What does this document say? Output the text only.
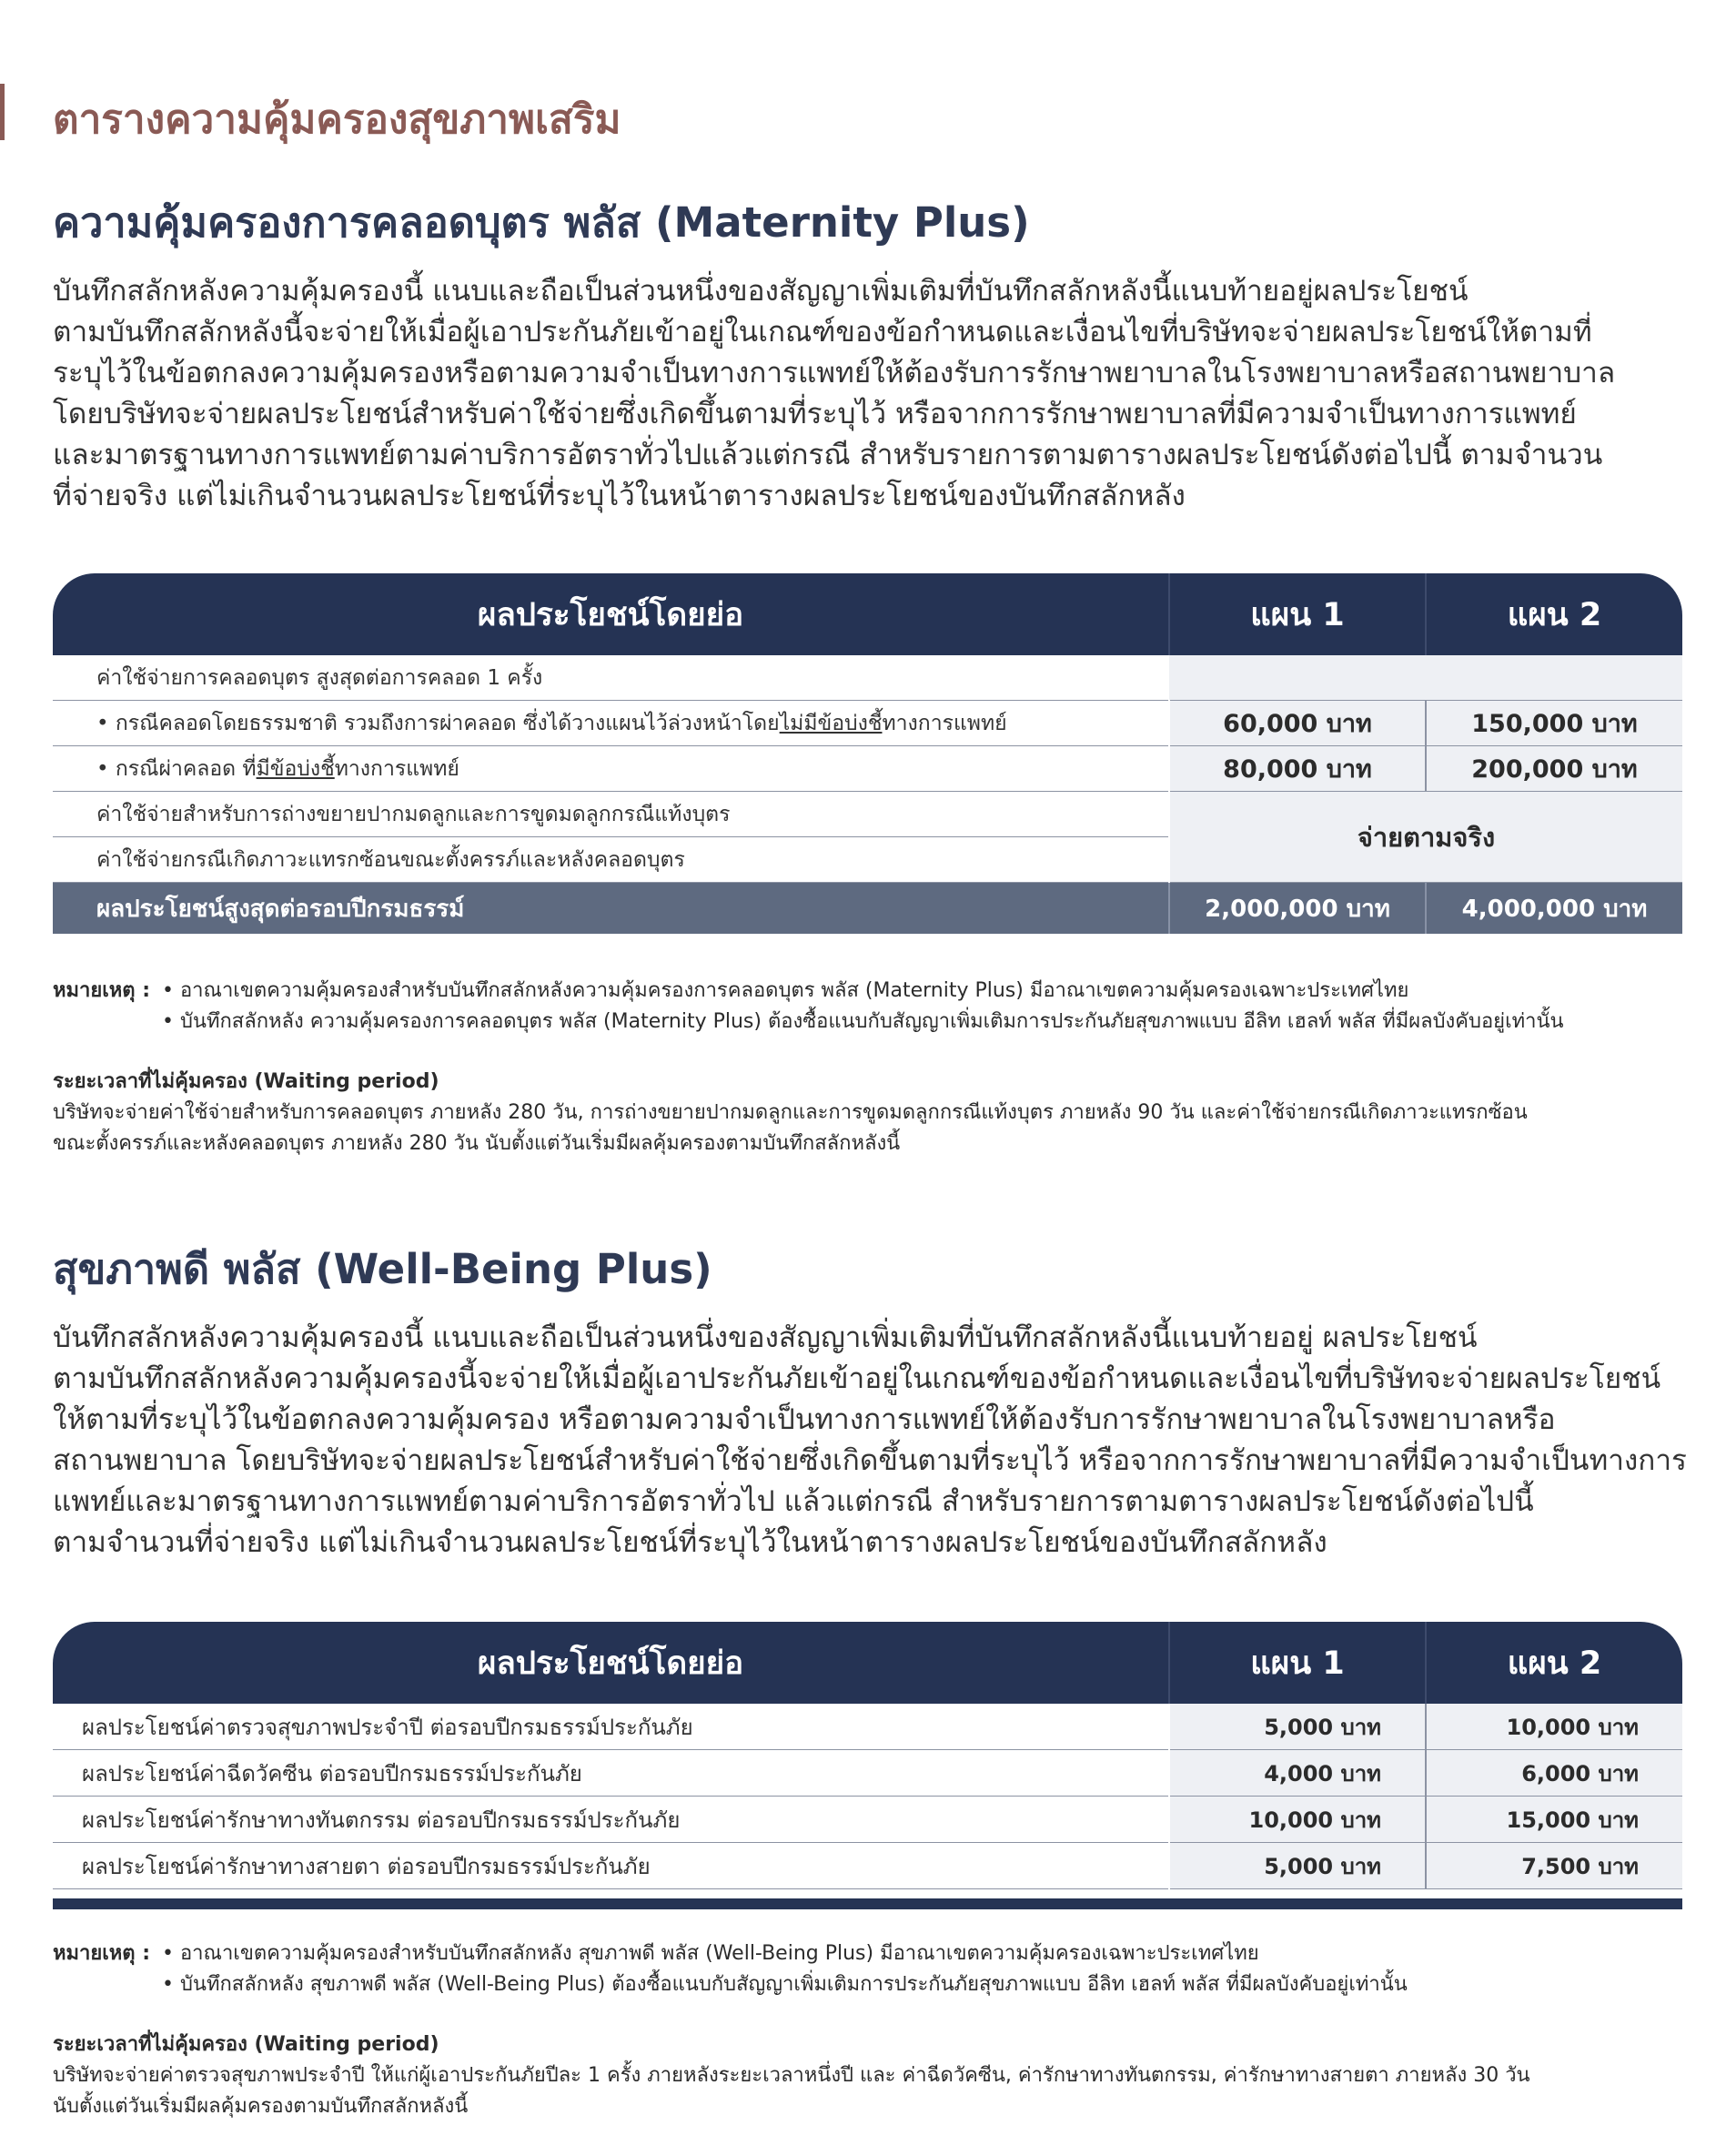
ตารางความคุ้มครองสุขภาพเสริม
ความคุ้มครองการคลอดบุตร พลัส (Maternity Plus)
บันทึกสลักหลังความคุ้มครองนี้ แนบและถือเป็นส่วนหนึ่งของสัญญาเพิ่มเติมที่บันทึกสลักหลังนี้แนบท้ายอยู่ผลประโยชน์
ตามบันทึกสลักหลังนี้จะจ่ายให้เมื่อผู้เอาประกันภัยเข้าอยู่ในเกณฑ์ของข้อกำหนดและเงื่อนไขที่บริษัทจะจ่ายผลประโยชน์ให้ตามที่
ระบุไว้ในข้อตกลงความคุ้มครองหรือตามความจำเป็นทางการแพทย์ให้ต้องรับการรักษาพยาบาลในโรงพยาบาลหรือสถานพยาบาล
โดยบริษัทจะจ่ายผลประโยชน์สำหรับค่าใช้จ่ายซึ่งเกิดขึ้นตามที่ระบุไว้ หรือจากการรักษาพยาบาลที่มีความจำเป็นทางการแพทย์
และมาตรฐานทางการแพทย์ตามค่าบริการอัตราทั่วไปแล้วแต่กรณี สำหรับรายการตามตารางผลประโยชน์ดังต่อไปนี้ ตามจำนวน
ที่จ่ายจริง แต่ไม่เกินจำนวนผลประโยชน์ที่ระบุไว้ในหน้าตารางผลประโยชน์ของบันทึกสลักหลัง
ผลประโยชน์โดยย่อ	แผน 1	แผน 2
ค่าใช้จ่ายการคลอดบุตร สูงสุดต่อการคลอด 1 ครั้ง		
• กรณีคลอดโดยธรรมชาติ รวมถึงการผ่าคลอด ซึ่งได้วางแผนไว้ล่วงหน้าโดยไม่มีข้อบ่งชี้ทางการแพทย์	60,000 บาท	150,000 บาท
• กรณีผ่าคลอด ที่มีข้อบ่งชี้ทางการแพทย์	80,000 บาท	200,000 บาท
ค่าใช้จ่ายสำหรับการถ่างขยายปากมดลูกและการขูดมดลูกกรณีแท้งบุตร	จ่ายตามจริง	
ค่าใช้จ่ายกรณีเกิดภาวะแทรกซ้อนขณะตั้งครรภ์และหลังคลอดบุตร		
ผลประโยชน์สูงสุดต่อรอบปีกรมธรรม์	2,000,000 บาท	4,000,000 บาท
หมายเหตุ : • อาณาเขตความคุ้มครองสำหรับบันทึกสลักหลังความคุ้มครองการคลอดบุตร พลัส (Maternity Plus) มีอาณาเขตความคุ้มครองเฉพาะประเทศไทย
• บันทึกสลักหลัง ความคุ้มครองการคลอดบุตร พลัส (Maternity Plus) ต้องซื้อแนบกับสัญญาเพิ่มเติมการประกันภัยสุขภาพแบบ อีลิท เฮลท์ พลัส ที่มีผลบังคับอยู่เท่านั้น
ระยะเวลาที่ไม่คุ้มครอง (Waiting period)
บริษัทจะจ่ายค่าใช้จ่ายสำหรับการคลอดบุตร ภายหลัง 280 วัน, การถ่างขยายปากมดลูกและการขูดมดลูกกรณีแท้งบุตร ภายหลัง 90 วัน และค่าใช้จ่ายกรณีเกิดภาวะแทรกซ้อน
ขณะตั้งครรภ์และหลังคลอดบุตร ภายหลัง 280 วัน นับตั้งแต่วันเริ่มมีผลคุ้มครองตามบันทึกสลักหลังนี้
สุขภาพดี พลัส (Well-Being Plus)
บันทึกสลักหลังความคุ้มครองนี้ แนบและถือเป็นส่วนหนึ่งของสัญญาเพิ่มเติมที่บันทึกสลักหลังนี้แนบท้ายอยู่ ผลประโยชน์
ตามบันทึกสลักหลังความคุ้มครองนี้จะจ่ายให้เมื่อผู้เอาประกันภัยเข้าอยู่ในเกณฑ์ของข้อกำหนดและเงื่อนไขที่บริษัทจะจ่ายผลประโยชน์
ให้ตามที่ระบุไว้ในข้อตกลงความคุ้มครอง หรือตามความจำเป็นทางการแพทย์ให้ต้องรับการรักษาพยาบาลในโรงพยาบาลหรือ
สถานพยาบาล โดยบริษัทจะจ่ายผลประโยชน์สำหรับค่าใช้จ่ายซึ่งเกิดขึ้นตามที่ระบุไว้ หรือจากการรักษาพยาบาลที่มีความจำเป็นทางการ
แพทย์และมาตรฐานทางการแพทย์ตามค่าบริการอัตราทั่วไป แล้วแต่กรณี สำหรับรายการตามตารางผลประโยชน์ดังต่อไปนี้
ตามจำนวนที่จ่ายจริง แต่ไม่เกินจำนวนผลประโยชน์ที่ระบุไว้ในหน้าตารางผลประโยชน์ของบันทึกสลักหลัง
ผลประโยชน์โดยย่อ	แผน 1	แผน 2
ผลประโยชน์ค่าตรวจสุขภาพประจำปี ต่อรอบปีกรมธรรม์ประกันภัย	5,000 บาท	10,000 บาท
ผลประโยชน์ค่าฉีดวัคซีน ต่อรอบปีกรมธรรม์ประกันภัย	4,000 บาท	6,000 บาท
ผลประโยชน์ค่ารักษาทางทันตกรรม ต่อรอบปีกรมธรรม์ประกันภัย	10,000 บาท	15,000 บาท
ผลประโยชน์ค่ารักษาทางสายตา ต่อรอบปีกรมธรรม์ประกันภัย	5,000 บาท	7,500 บาท
หมายเหตุ : • อาณาเขตความคุ้มครองสำหรับบันทึกสลักหลัง สุขภาพดี พลัส (Well-Being Plus) มีอาณาเขตความคุ้มครองเฉพาะประเทศไทย
• บันทึกสลักหลัง สุขภาพดี พลัส (Well-Being Plus) ต้องซื้อแนบกับสัญญาเพิ่มเติมการประกันภัยสุขภาพแบบ อีลิท เฮลท์ พลัส ที่มีผลบังคับอยู่เท่านั้น
ระยะเวลาที่ไม่คุ้มครอง (Waiting period)
บริษัทจะจ่ายค่าตรวจสุขภาพประจำปี ให้แก่ผู้เอาประกันภัยปีละ 1 ครั้ง ภายหลังระยะเวลาหนึ่งปี และ ค่าฉีดวัคซีน, ค่ารักษาทางทันตกรรม, ค่ารักษาทางสายตา ภายหลัง 30 วัน
นับตั้งแต่วันเริ่มมีผลคุ้มครองตามบันทึกสลักหลังนี้
